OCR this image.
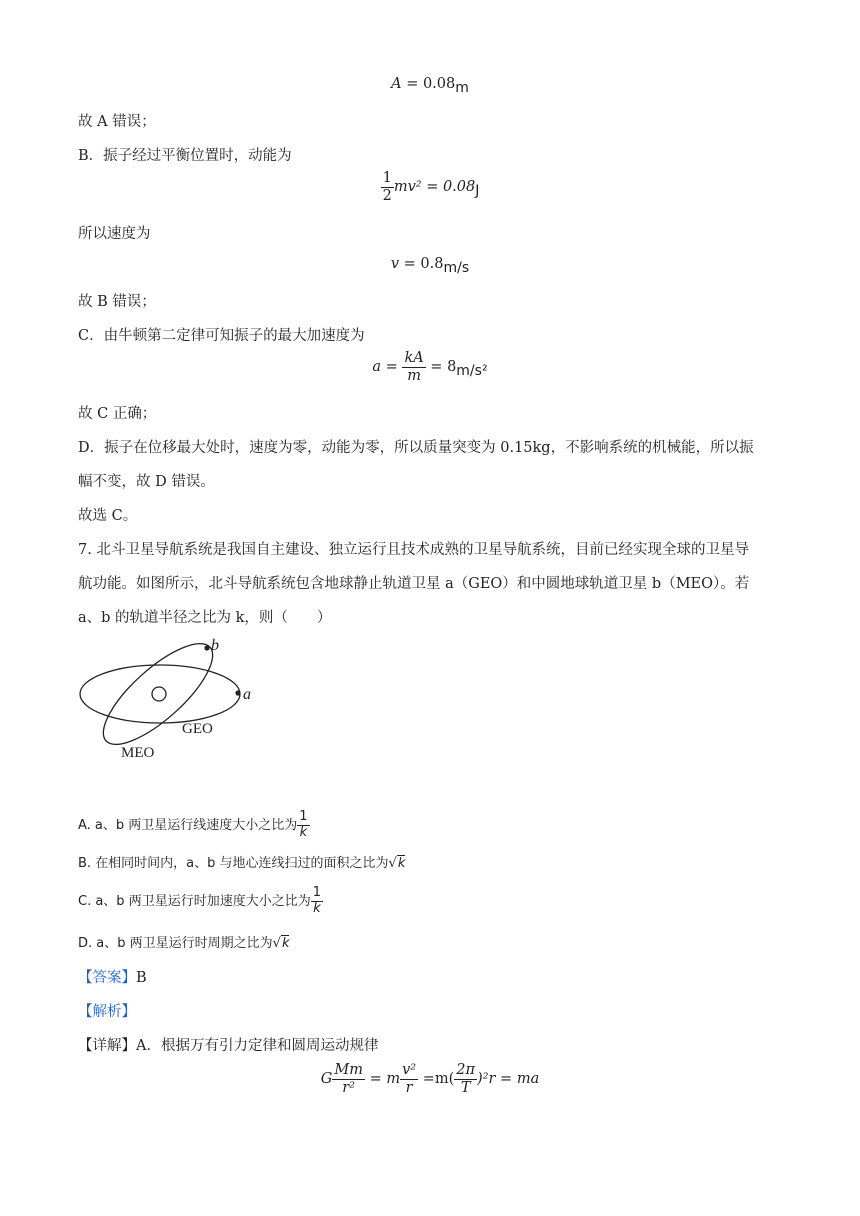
A = 0.08m
故 A 错误；
B．振子经过平衡位置时，动能为
$\frac{1}{2} mv^2 = 0.08J$
所以速度为
v = 0.8m/s
故 B 错误；
C．由牛顿第二定律可知振子的最大加速度为
$a = \frac{kA}{m} = 8m/s^2$
故 C 正确；
D．振子在位移最大处时，速度为零，动能为零，所以质量突变为 0.15kg，不影响系统的机械能，所以振
幅不变，故 D 错误。
故选 C。
7. 北斗卫星导航系统是我国自主建设、独立运行且技术成熟的卫星导航系统，目前已经实现全球的卫星导
航功能。如图所示，北斗导航系统包含地球静止轨道卫星 a（GEO）和中圆地球轨道卫星 b（MEO）。若
a、b 的轨道半径之比为 k，则（　　）
b
a
GEO
MEO
A. a、b 两卫星运行线速度大小之比为 $\frac{1}{k}$
B. 在相同时间内，a、b 与地心连线扫过的面积之比为√k
C. a、b 两卫星运行时加速度大小之比为 $\frac{1}{k}$
D. a、b 两卫星运行时周期之比为√k
【答案】B
【解析】
【详解】A．根据万有引力定律和圆周运动规律
G $\frac{Mm}{\text{r²}} = m \frac{\text{v²}}{r} =m( \frac{2\pi}{T} )^2r$ = ma
